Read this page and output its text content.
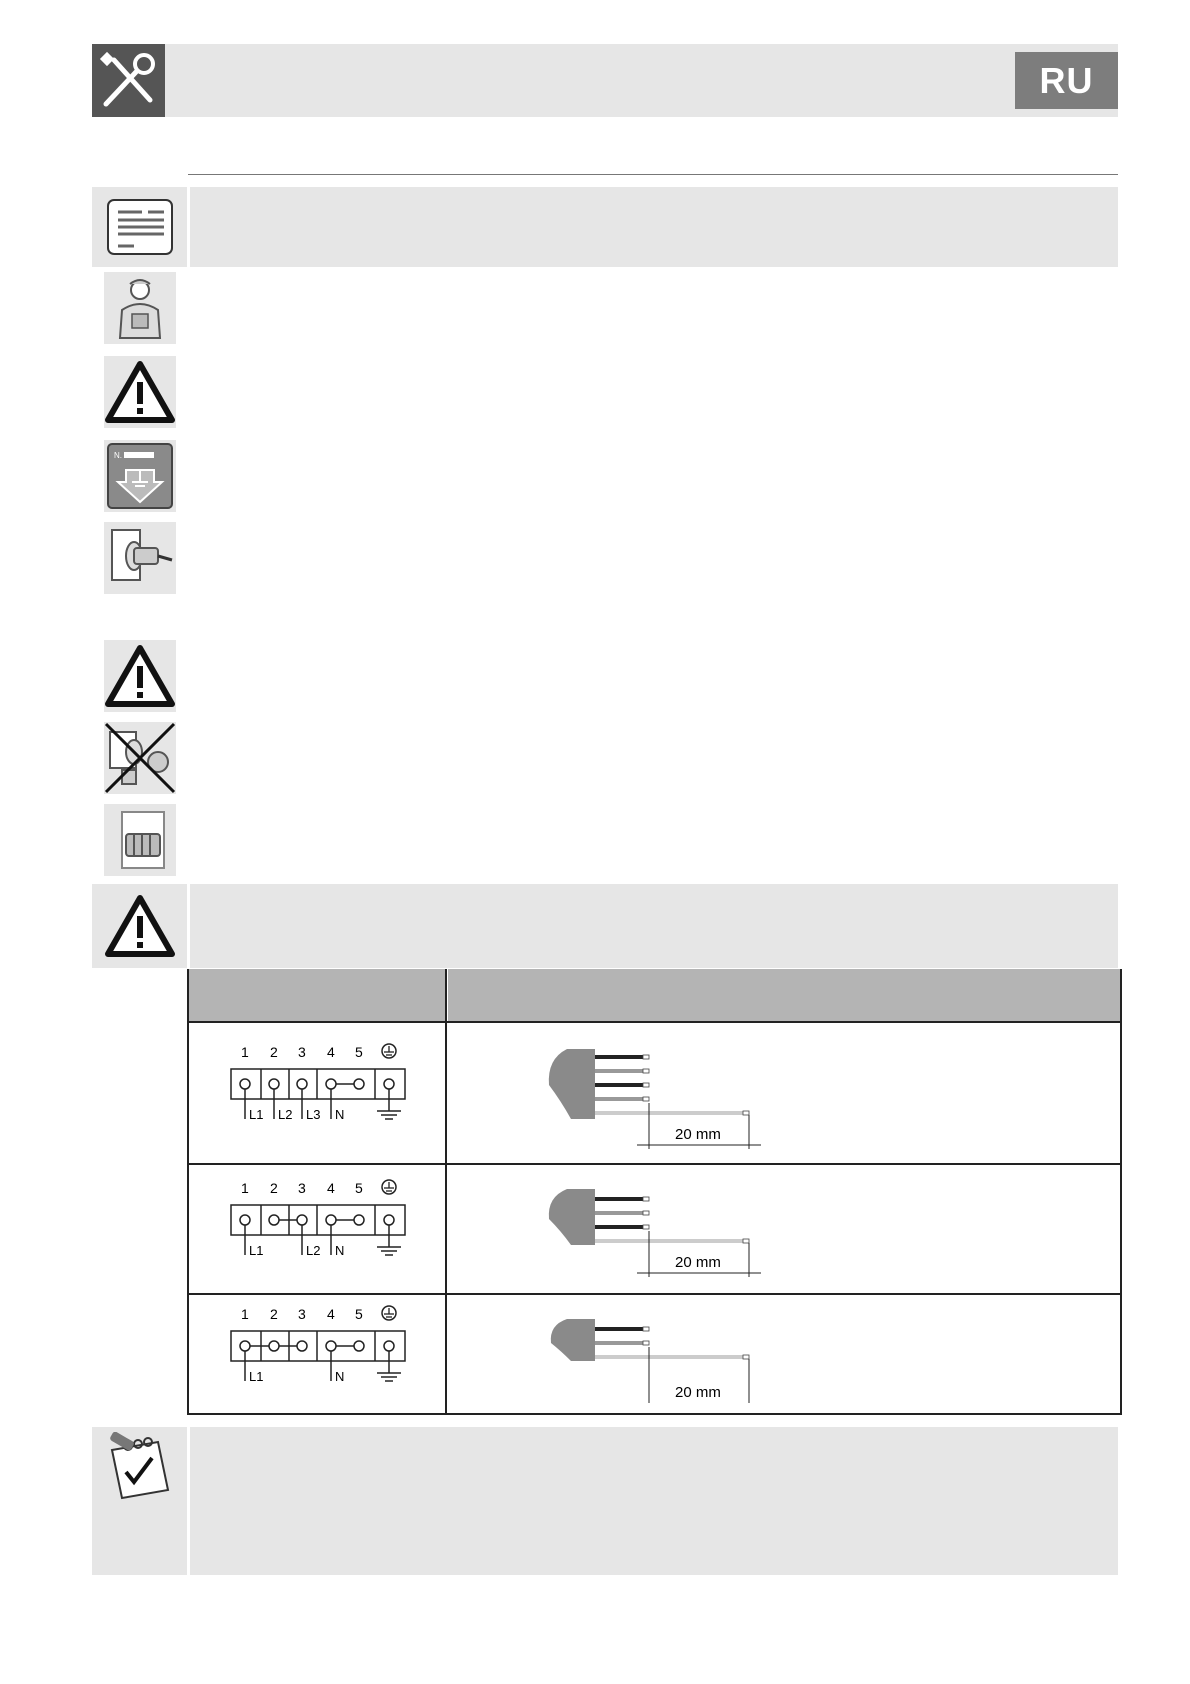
RU
N.
1 2 3 4 5
L1 L2 L3 N
20 mm
1 2 3 4 5
L1	L2 N
20 mm
1 2 3 4 5
L1	N
20 mm
